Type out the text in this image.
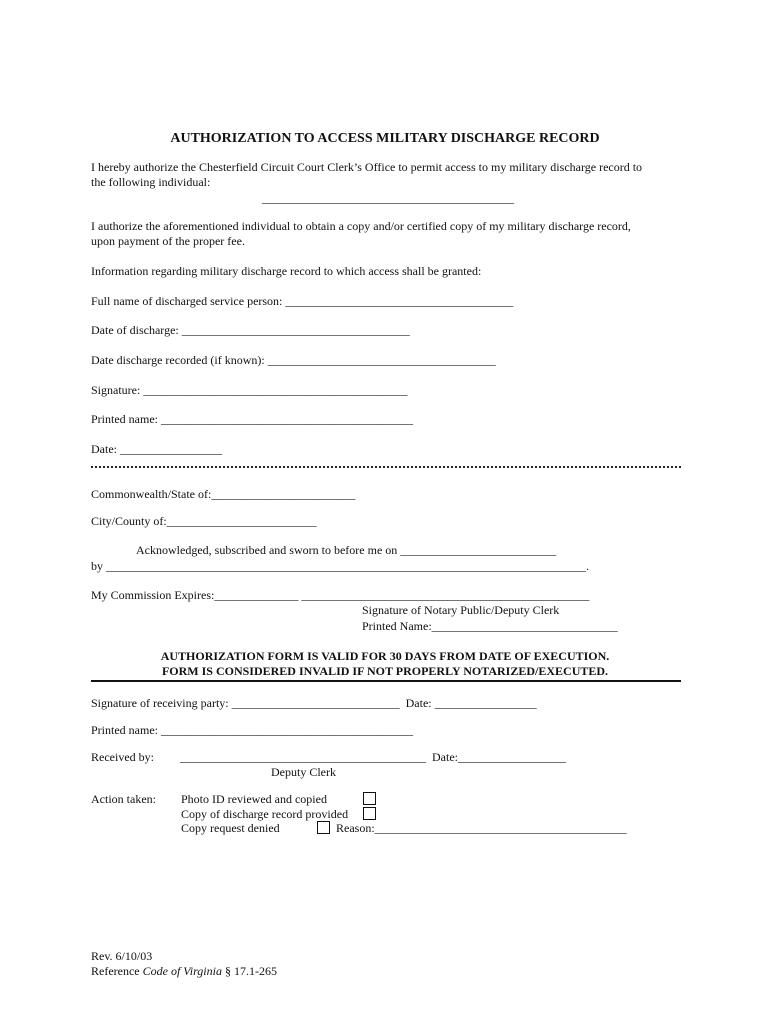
AUTHORIZATION TO ACCESS MILITARY DISCHARGE RECORD
I hereby authorize the Chesterfield Circuit Court Clerk’s Office to permit access to my military discharge record to
the following individual:
__________________________________________
I authorize the aforementioned individual to obtain a copy and/or certified copy of my military discharge record,
upon payment of the proper fee.
Information regarding military discharge record to which access shall be granted:
Full name of discharged service person: ______________________________________
Date of discharge: ______________________________________
Date discharge recorded (if known): ______________________________________
Signature: ____________________________________________
Printed name: __________________________________________
Date: _________________
Commonwealth/State of:________________________
City/County of:_________________________
Acknowledged, subscribed and sworn to before me on __________________________
by ________________________________________________________________________________.
My Commission Expires:______________ ________________________________________________
Signature of Notary Public/Deputy Clerk
Printed Name:_______________________________
AUTHORIZATION FORM IS VALID FOR 30 DAYS FROM DATE OF EXECUTION.
FORM IS CONSIDERED INVALID IF NOT PROPERLY NOTARIZED/EXECUTED.
Signature of receiving party: ____________________________  Date: _________________
Printed name: __________________________________________
Received by: _________________________________________  Date:__________________
Deputy Clerk
Action taken: Photo ID reviewed and copied
Copy of discharge record provided
Copy request denied	Reason:__________________________________________
Rev. 6/10/03
Reference Code of Virginia § 17.1-265
